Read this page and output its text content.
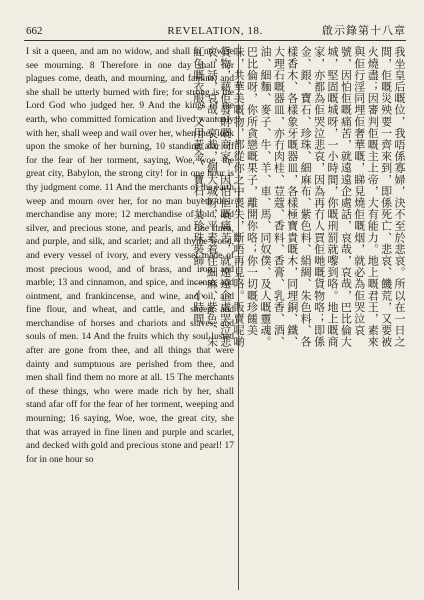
662	REVELATION, 18.	啟示錄第十八章

I sit a queen, and am no widow, and shall in no wise see mourning. 8 Therefore in one day shall her plagues come, death, and mourning, and famine; and she shall be utterly burned with fire; for strong is the Lord God who judged her. 9 And the kings of the earth, who committed fornication and lived wantonly with her, shall weep and wail over her, when they look upon the smoke of her burning, 10 standing afar off for the fear of her torment, saying, Woe, woe, the great city, Babylon, the strong city! for in one hour is thy judgment come. 11 And the merchants of the earth weep and mourn over her, for no man buyeth their merchandise any more; 12 merchandise of gold, and silver, and precious stone, and pearls, and fine linen, and purple, and silk, and scarlet; and all thyine wood, and every vessel of ivory, and every vessel made of most precious wood, and of brass, and iron, and marble; 13 and cinnamon, and spice, and incense, and ointment, and frankincense, and wine, and oil, and fine flour, and wheat, and cattle, and sheep; and merchandise of horses and chariots and slaves; and souls of men. 14 And the fruits which thy soul lusted after are gone from thee, and all things that were dainty and sumptuous are perished from thee, and men shall find them no more at all. 15 The merchants of these things, who were made rich by her, shall stand afar off for the fear of her torment, weeping and mourning; 16 saying, Woe, woe, the great city, she that was arrayed in fine linen and purple and scarlet, and decked with gold and precious stone and pearl! 17 for in one hour so

我坐皇后嘅位，我唔係寡婦，決不至於悲哀。所以在一日之間，佢嘅災殃要一齊來到，即係死亡、悲哀、饑荒，又要被火燒盡；因審判佢嘅主上帝，大有能力。地上嘅君王，素來與佢行淫同埋佢奢華嘅，睇見燒佢嘅烟，就必為佢哭泣哀號，因怕佢嘅痛苦，就遠遠企處話，哀哉，哀哉，巴比倫大城，堅固嘅城呀，一小時間，你嘅刑罰就嚟到咯。地上嘅商家，亦都為佢哭泣悲哀，因為再冇人買佢哋嘅貨物咯；即係金、銀、寶石、珍珠、細麻布、紫色料、絹綢、朱色料、各樣香木、各樣象牙嘅器皿，各樣極寶貴嘅木，同埋銅、鐵、大理石嘅器皿，亦冇肉桂、荳蔻、香料、香膏、乳香、酒、油、細麵、麥子、牛、羊、車、馬、同奴僕、及人嘅靈魂。巴比倫呀，你所貪戀嘅果子，離開你咯；你一切嘅珍饈美味，共華美嘅物，都從你之中喪失，斷唔再見咯。販賣呢啲貨物，藉佢發財嘅商家，因怕佢嘅痛苦，就遠遠企處哭泣悲哀，話，哀哉，哀哉，個大城呀，平素着住細麻、紫色、朱紅色嘅衣服，又用黃金、寶石、共珍珠裝飾。一小時間
